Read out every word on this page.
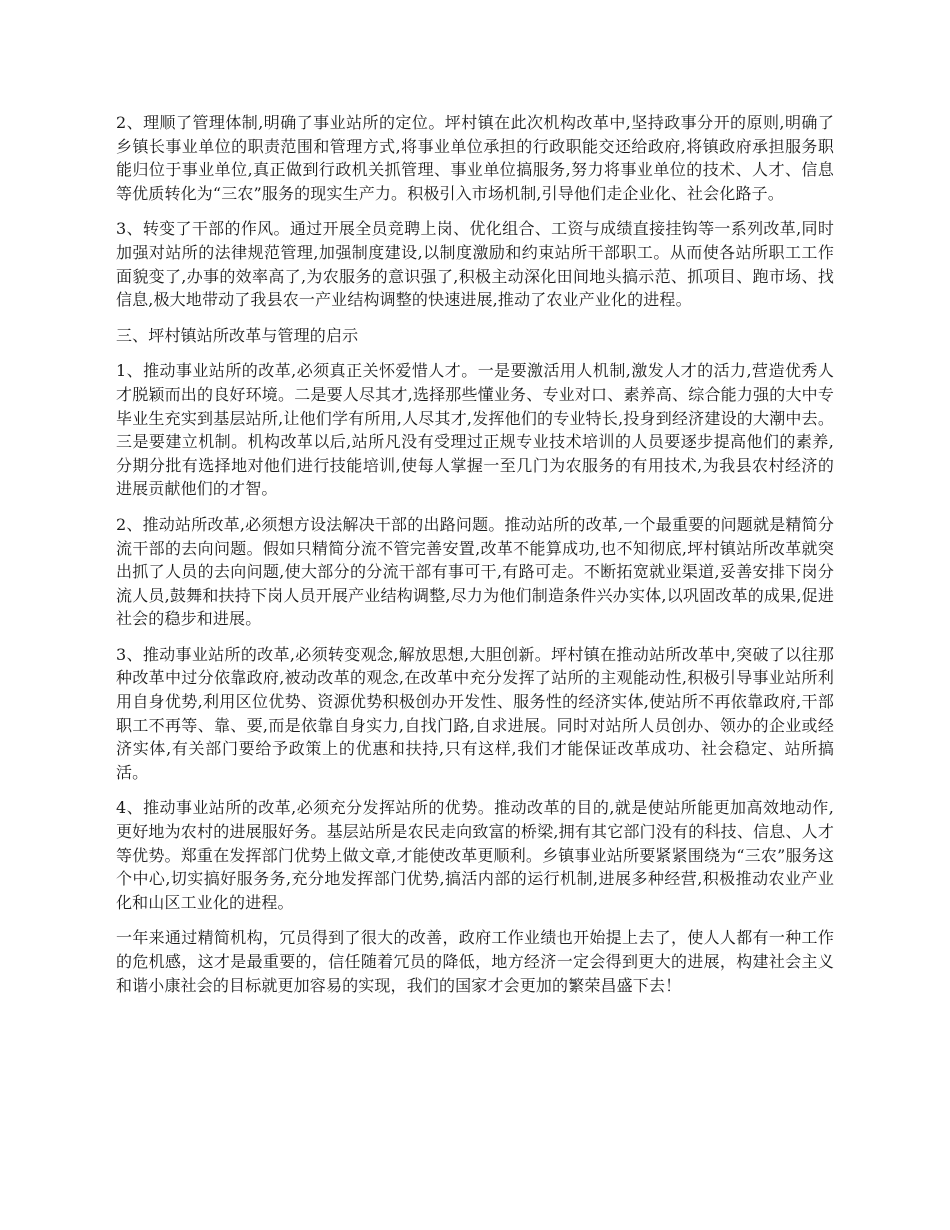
2、理顺了管理体制,明确了事业站所的定位。坪村镇在此次机构改革中,坚持政事分开的原则,明确了乡镇长事业单位的职责范围和管理方式,将事业单位承担的行政职能交还给政府,将镇政府承担服务职能归位于事业单位,真正做到行政机关抓管理、事业单位搞服务,努力将事业单位的技术、人才、信息等优质转化为“三农”服务的现实生产力。积极引入市场机制,引导他们走企业化、社会化路子。

3、转变了干部的作风。通过开展全员竞聘上岗、优化组合、工资与成绩直接挂钩等一系列改革,同时加强对站所的法律规范管理,加强制度建设,以制度激励和约束站所干部职工。从而使各站所职工工作面貌变了,办事的效率高了,为农服务的意识强了,积极主动深化田间地头搞示范、抓项目、跑市场、找信息,极大地带动了我县农一产业结构调整的快速进展,推动了农业产业化的进程。

三、坪村镇站所改革与管理的启示

1、推动事业站所的改革,必须真正关怀爱惜人才。一是要激活用人机制,激发人才的活力,营造优秀人才脱颖而出的良好环境。二是要人尽其才,选择那些懂业务、专业对口、素养高、综合能力强的大中专毕业生充实到基层站所,让他们学有所用,人尽其才,发挥他们的专业特长,投身到经济建设的大潮中去。三是要建立机制。机构改革以后,站所凡没有受理过正规专业技术培训的人员要逐步提高他们的素养,分期分批有选择地对他们进行技能培训,使每人掌握一至几门为农服务的有用技术,为我县农村经济的进展贡献他们的才智。

2、推动站所改革,必须想方设法解决干部的出路问题。推动站所的改革,一个最重要的问题就是精简分流干部的去向问题。假如只精简分流不管完善安置,改革不能算成功,也不知彻底,坪村镇站所改革就突出抓了人员的去向问题,使大部分的分流干部有事可干,有路可走。不断拓宽就业渠道,妥善安排下岗分流人员,鼓舞和扶持下岗人员开展产业结构调整,尽力为他们制造条件兴办实体,以巩固改革的成果,促进社会的稳步和进展。

3、推动事业站所的改革,必须转变观念,解放思想,大胆创新。坪村镇在推动站所改革中,突破了以往那种改革中过分依靠政府,被动改革的观念,在改革中充分发挥了站所的主观能动性,积极引导事业站所利用自身优势,利用区位优势、资源优势积极创办开发性、服务性的经济实体,使站所不再依靠政府,干部职工不再等、靠、要,而是依靠自身实力,自找门路,自求进展。同时对站所人员创办、领办的企业或经济实体,有关部门要给予政策上的优惠和扶持,只有这样,我们才能保证改革成功、社会稳定、站所搞活。

4、推动事业站所的改革,必须充分发挥站所的优势。推动改革的目的,就是使站所能更加高效地动作,更好地为农村的进展服好务。基层站所是农民走向致富的桥梁,拥有其它部门没有的科技、信息、人才等优势。郑重在发挥部门优势上做文章,才能使改革更顺利。乡镇事业站所要紧紧围绕为“三农”服务这个中心,切实搞好服务务,充分地发挥部门优势,搞活内部的运行机制,进展多种经营,积极推动农业产业化和山区工业化的进程。

一年来通过精简机构，冗员得到了很大的改善，政府工作业绩也开始提上去了，使人人都有一种工作的危机感，这才是最重要的，信任随着冗员的降低，地方经济一定会得到更大的进展，构建社会主义和谐小康社会的目标就更加容易的实现，我们的国家才会更加的繁荣昌盛下去！
